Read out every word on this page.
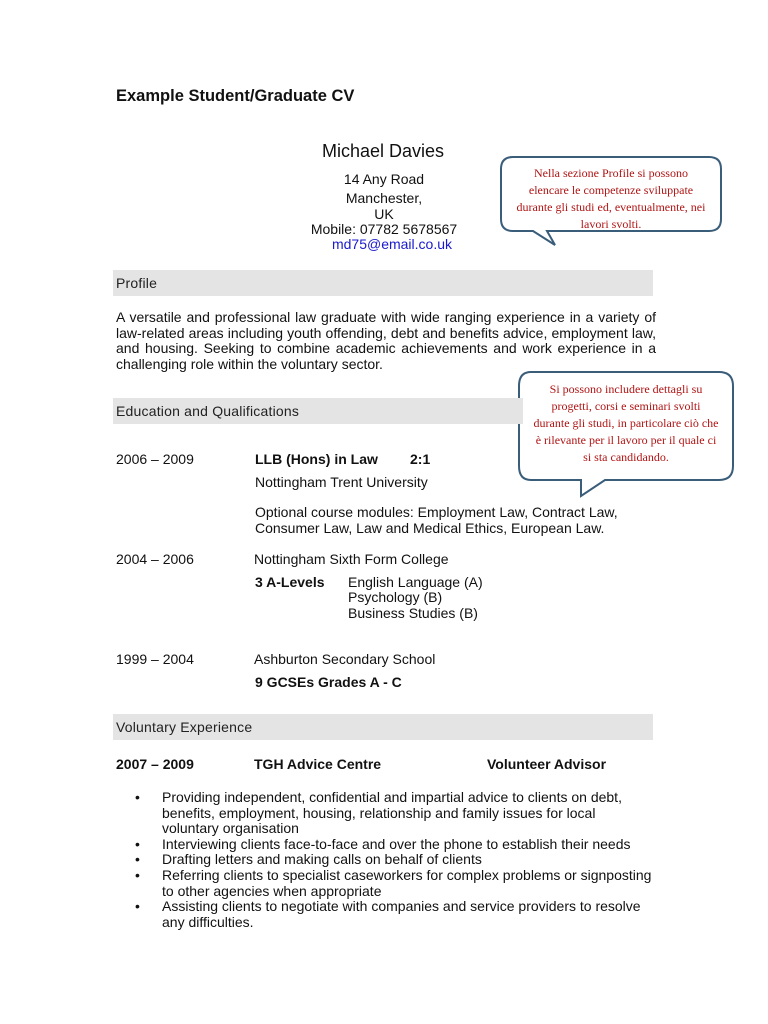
Example Student/Graduate CV
Michael Davies
14 Any Road
Manchester,
UK
Mobile: 07782 5678567
md75@email.co.uk
Nella sezione Profile si possono elencare le competenze sviluppate durante gli studi ed, eventualmente, nei lavori svolti.
Si possono includere dettagli su progetti, corsi e seminari svolti durante gli studi, in particolare ciò che è rilevante per il lavoro per il quale ci si sta candidando.
Profile
A versatile and professional law graduate with wide ranging experience in a variety of law-related areas including youth offending, debt and benefits advice, employment law, and housing. Seeking to combine academic achievements and work experience in a challenging role within the voluntary sector.
Education and Qualifications
2006 – 2009	LLB (Hons) in Law 2:1
Nottingham Trent University
Optional course modules: Employment Law, Contract Law,
Consumer Law, Law and Medical Ethics, European Law.
2004 – 2006	Nottingham Sixth Form College
3 A-Levels English Language (A)
Psychology (B)
Business Studies (B)
1999 – 2004	Ashburton Secondary School
9 GCSEs Grades A - C
Voluntary Experience
2007 – 2009	TGH Advice Centre	Volunteer Advisor
• Providing independent, confidential and impartial advice to clients on debt, benefits, employment, housing, relationship and family issues for local voluntary organisation
• Interviewing clients face-to-face and over the phone to establish their needs
• Drafting letters and making calls on behalf of clients
• Referring clients to specialist caseworkers for complex problems or signposting to other agencies when appropriate
• Assisting clients to negotiate with companies and service providers to resolve any difficulties.
